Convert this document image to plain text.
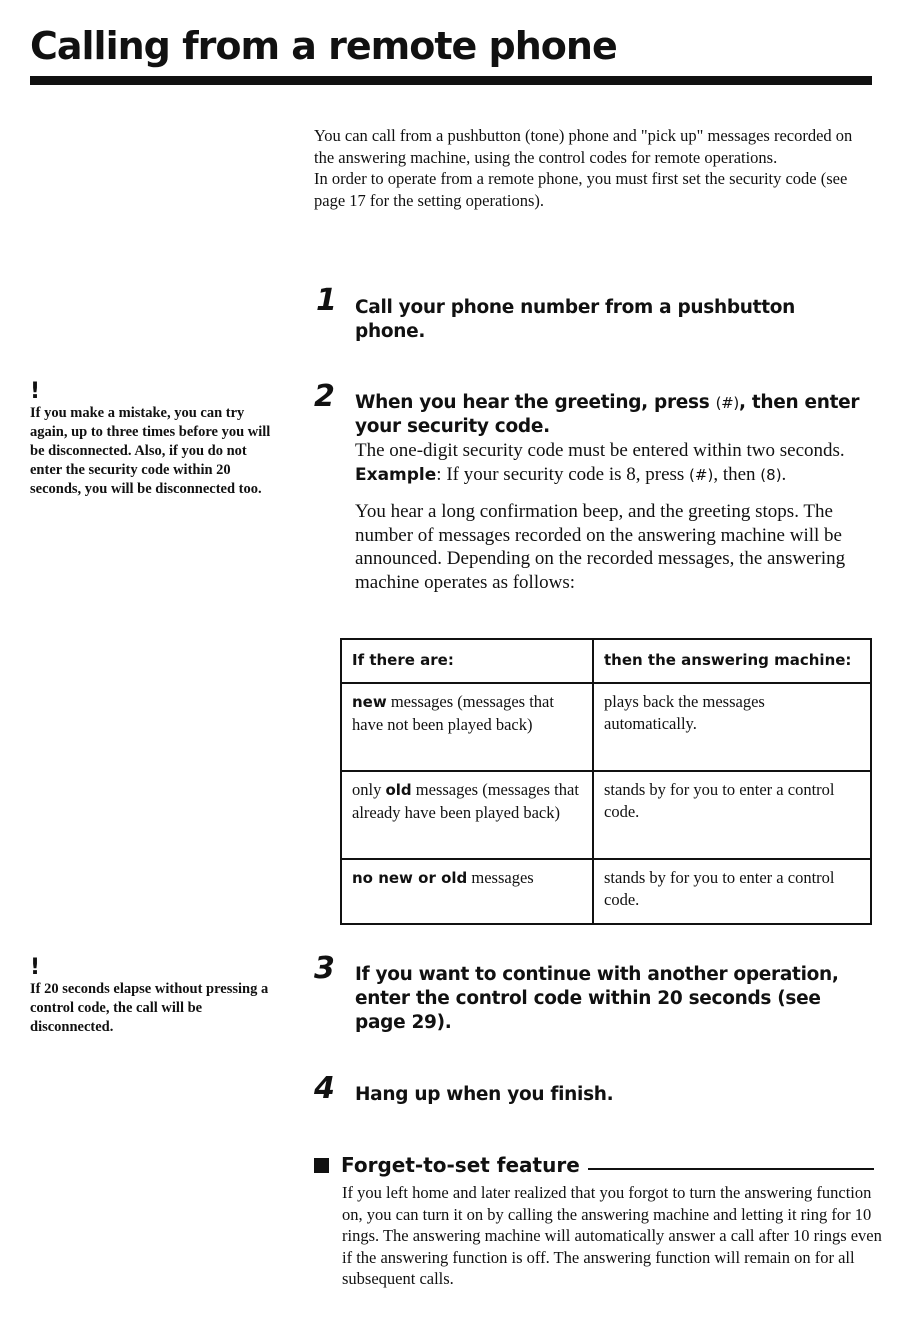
Calling from a remote phone

You can call from a pushbutton (tone) phone and "pick up" messages recorded on the answering machine, using the control codes for remote operations.

In order to operate from a remote phone, you must first set the security code (see page 17 for the setting operations).

!

If you make a mistake, you can try again, up to three times before you will be disconnected. Also, if you do not enter the security code within 20 seconds, you will be disconnected too.

!

If 20 seconds elapse without pressing a control code, the call will be disconnected.

1 Call your phone number from a pushbutton phone.
2 When you hear the greeting, press (#), then enter your security code.

The one-digit security code must be entered within two seconds.

Example: If your security code is 8, press (#), then (8).

You hear a long confirmation beep, and the greeting stops. The number of messages recorded on the answering machine will be announced. Depending on the recorded messages, the answering machine operates as follows:

If there are:	then the answering machine:
new messages (messages that have not been played back)	plays back the messages automatically.
only old messages (messages that already have been played back)	stands by for you to enter a control code.
no new or old messages	stands by for you to enter a control code.
3 If you want to continue with another operation, enter the control code within 20 seconds (see page 29).
4 Hang up when you finish.
Forget-to-set feature
If you left home and later realized that you forgot to turn the answering function on, you can turn it on by calling the answering machine and letting it ring for 10 rings. The answering machine will automatically answer a call after 10 rings even if the answering function is off. The answering function will remain on for all subsequent calls.
